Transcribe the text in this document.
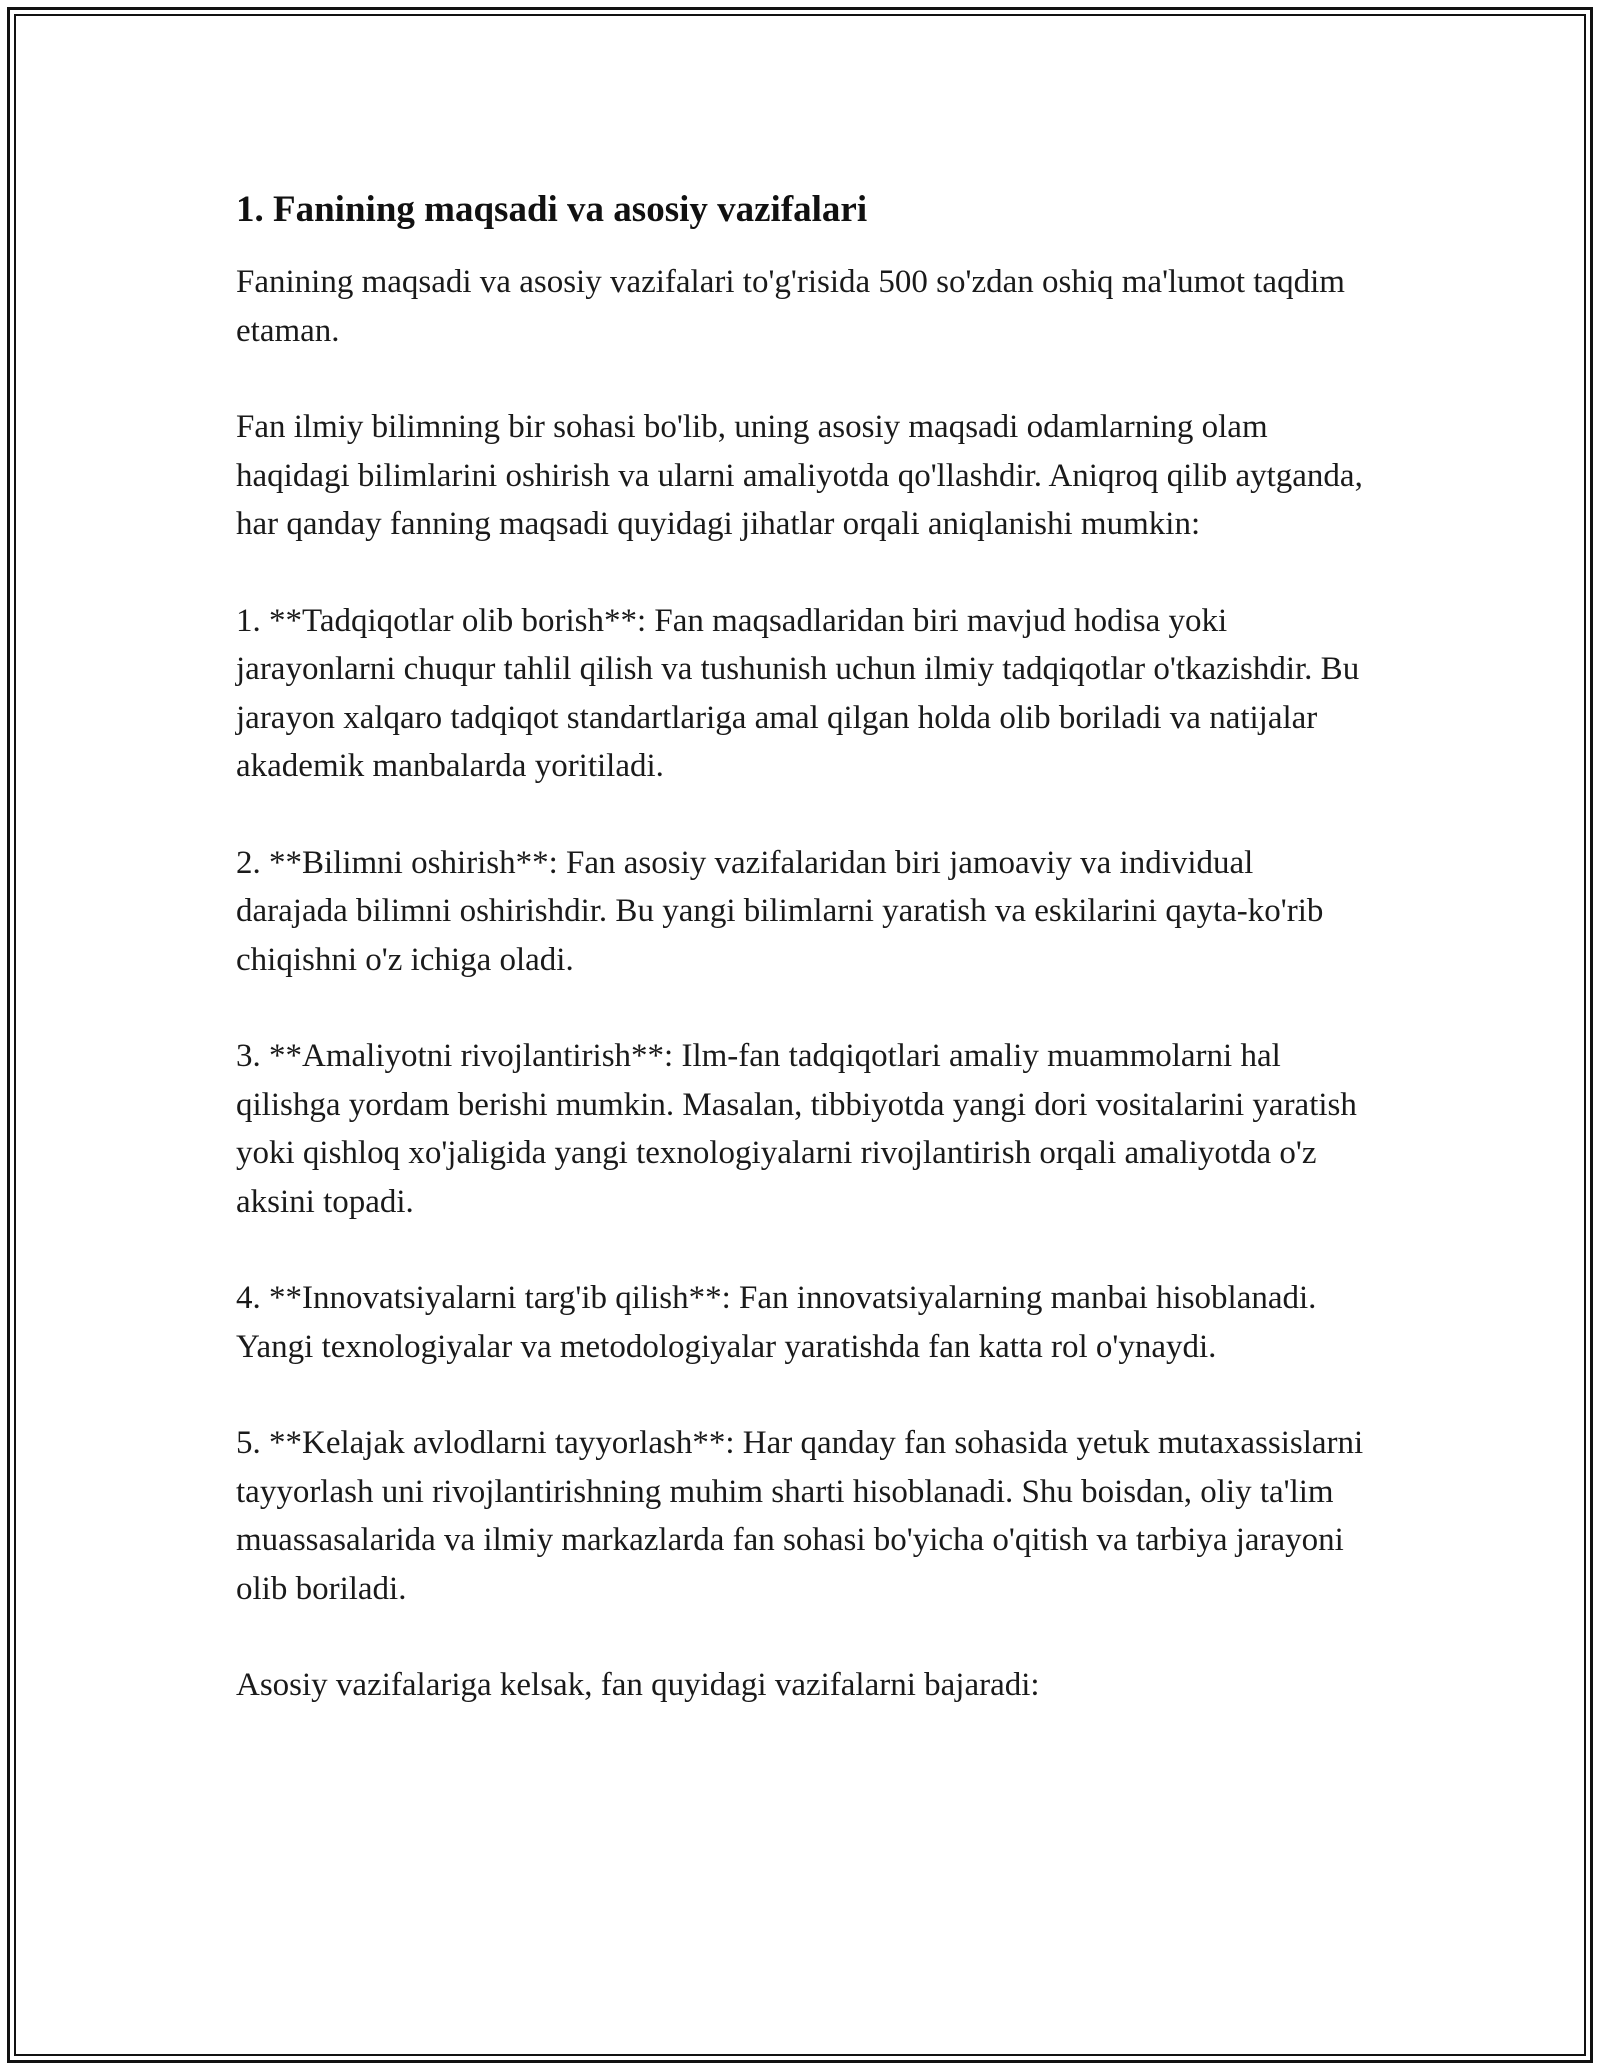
1. Fanining maqsadi va asosiy vazifalari

Fanining maqsadi va asosiy vazifalari to'g'risida 500 so'zdan oshiq ma'lumot taqdim etaman.

Fan ilmiy bilimning bir sohasi bo'lib, uning asosiy maqsadi odamlarning olam haqidagi bilimlarini oshirish va ularni amaliyotda qo'llashdir. Aniqroq qilib aytganda, har qanday fanning maqsadi quyidagi jihatlar orqali aniqlanishi mumkin:

1. **Tadqiqotlar olib borish**: Fan maqsadlaridan biri mavjud hodisa yoki jarayonlarni chuqur tahlil qilish va tushunish uchun ilmiy tadqiqotlar o'tkazishdir. Bu jarayon xalqaro tadqiqot standartlariga amal qilgan holda olib boriladi va natijalar akademik manbalarda yoritiladi.

2. **Bilimni oshirish**: Fan asosiy vazifalaridan biri jamoaviy va individual darajada bilimni oshirishdir. Bu yangi bilimlarni yaratish va eskilarini qayta-ko'rib chiqishni o'z ichiga oladi.

3. **Amaliyotni rivojlantirish**: Ilm-fan tadqiqotlari amaliy muammolarni hal qilishga yordam berishi mumkin. Masalan, tibbiyotda yangi dori vositalarini yaratish yoki qishloq xo'jaligida yangi texnologiyalarni rivojlantirish orqali amaliyotda o'z aksini topadi.

4. **Innovatsiyalarni targ'ib qilish**: Fan innovatsiyalarning manbai hisoblanadi. Yangi texnologiyalar va metodologiyalar yaratishda fan katta rol o'ynaydi.

5. **Kelajak avlodlarni tayyorlash**: Har qanday fan sohasida yetuk mutaxassislarni tayyorlash uni rivojlantirishning muhim sharti hisoblanadi. Shu boisdan, oliy ta'lim muassasalarida va ilmiy markazlarda fan sohasi bo'yicha o'qitish va tarbiya jarayoni olib boriladi.

Asosiy vazifalariga kelsak, fan quyidagi vazifalarni bajaradi:
